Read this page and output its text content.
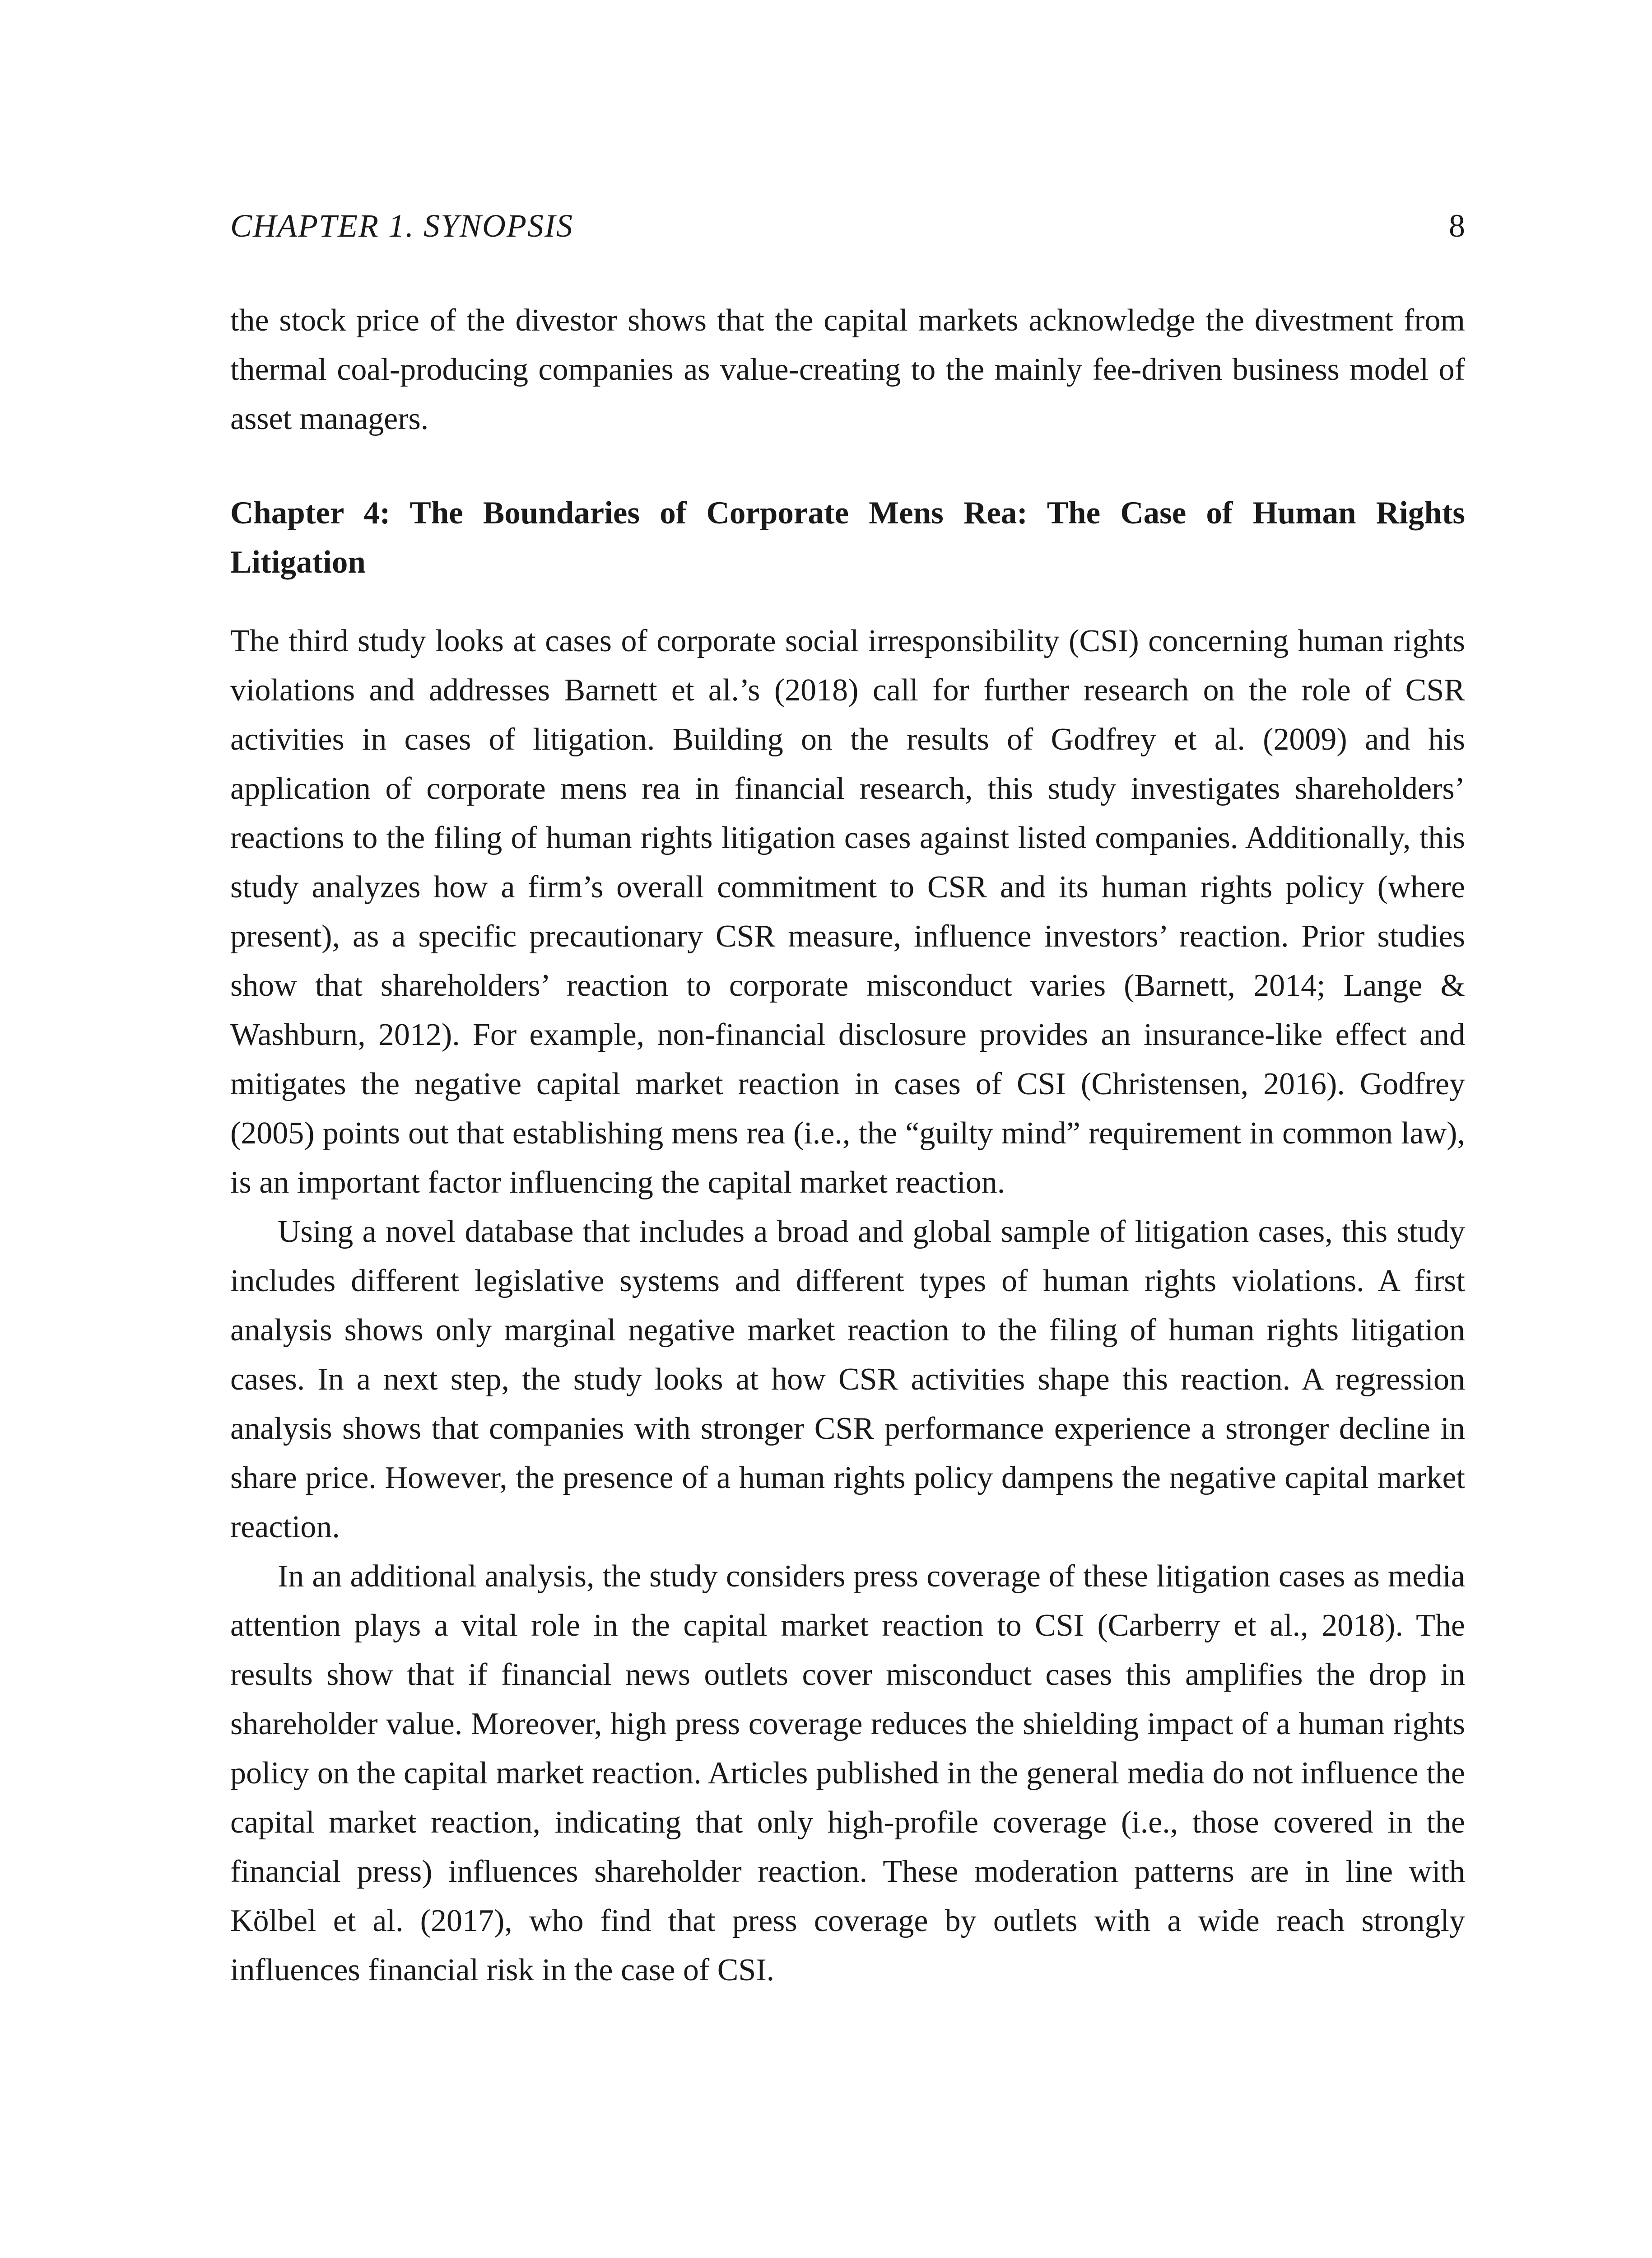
CHAPTER 1. SYNOPSIS	8

the stock price of the divestor shows that the capital markets acknowledge the divestment from thermal coal-producing companies as value-creating to the mainly fee-driven business model of asset managers.

Chapter 4: The Boundaries of Corporate Mens Rea: The Case of Human Rights Litigation

The third study looks at cases of corporate social irresponsibility (CSI) concerning human rights violations and addresses Barnett et al.’s (2018) call for further research on the role of CSR activities in cases of litigation. Building on the results of Godfrey et al. (2009) and his application of corporate mens rea in financial research, this study investigates shareholders’ reactions to the filing of human rights litigation cases against listed companies. Additionally, this study analyzes how a firm’s overall commitment to CSR and its human rights policy (where present), as a specific precautionary CSR measure, influence investors’ reaction. Prior studies show that shareholders’ reaction to corporate misconduct varies (Barnett, 2014; Lange & Washburn, 2012). For example, non-financial disclosure provides an insurance-like effect and mitigates the negative capital market reaction in cases of CSI (Christensen, 2016). Godfrey (2005) points out that establishing mens rea (i.e., the “guilty mind” requirement in common law), is an important factor influencing the capital market reaction.

Using a novel database that includes a broad and global sample of litigation cases, this study includes different legislative systems and different types of human rights violations. A first analysis shows only marginal negative market reaction to the filing of human rights litigation cases. In a next step, the study looks at how CSR activities shape this reaction. A regression analysis shows that companies with stronger CSR performance experience a stronger decline in share price. However, the presence of a human rights policy dampens the negative capital market reaction.

In an additional analysis, the study considers press coverage of these litigation cases as media attention plays a vital role in the capital market reaction to CSI (Carberry et al., 2018). The results show that if financial news outlets cover misconduct cases this amplifies the drop in shareholder value. Moreover, high press coverage reduces the shielding impact of a human rights policy on the capital market reaction. Articles published in the general media do not influence the capital market reaction, indicating that only high-profile coverage (i.e., those covered in the financial press) influences shareholder reaction. These moderation patterns are in line with Kölbel et al. (2017), who find that press coverage by outlets with a wide reach strongly influences financial risk in the case of CSI.
